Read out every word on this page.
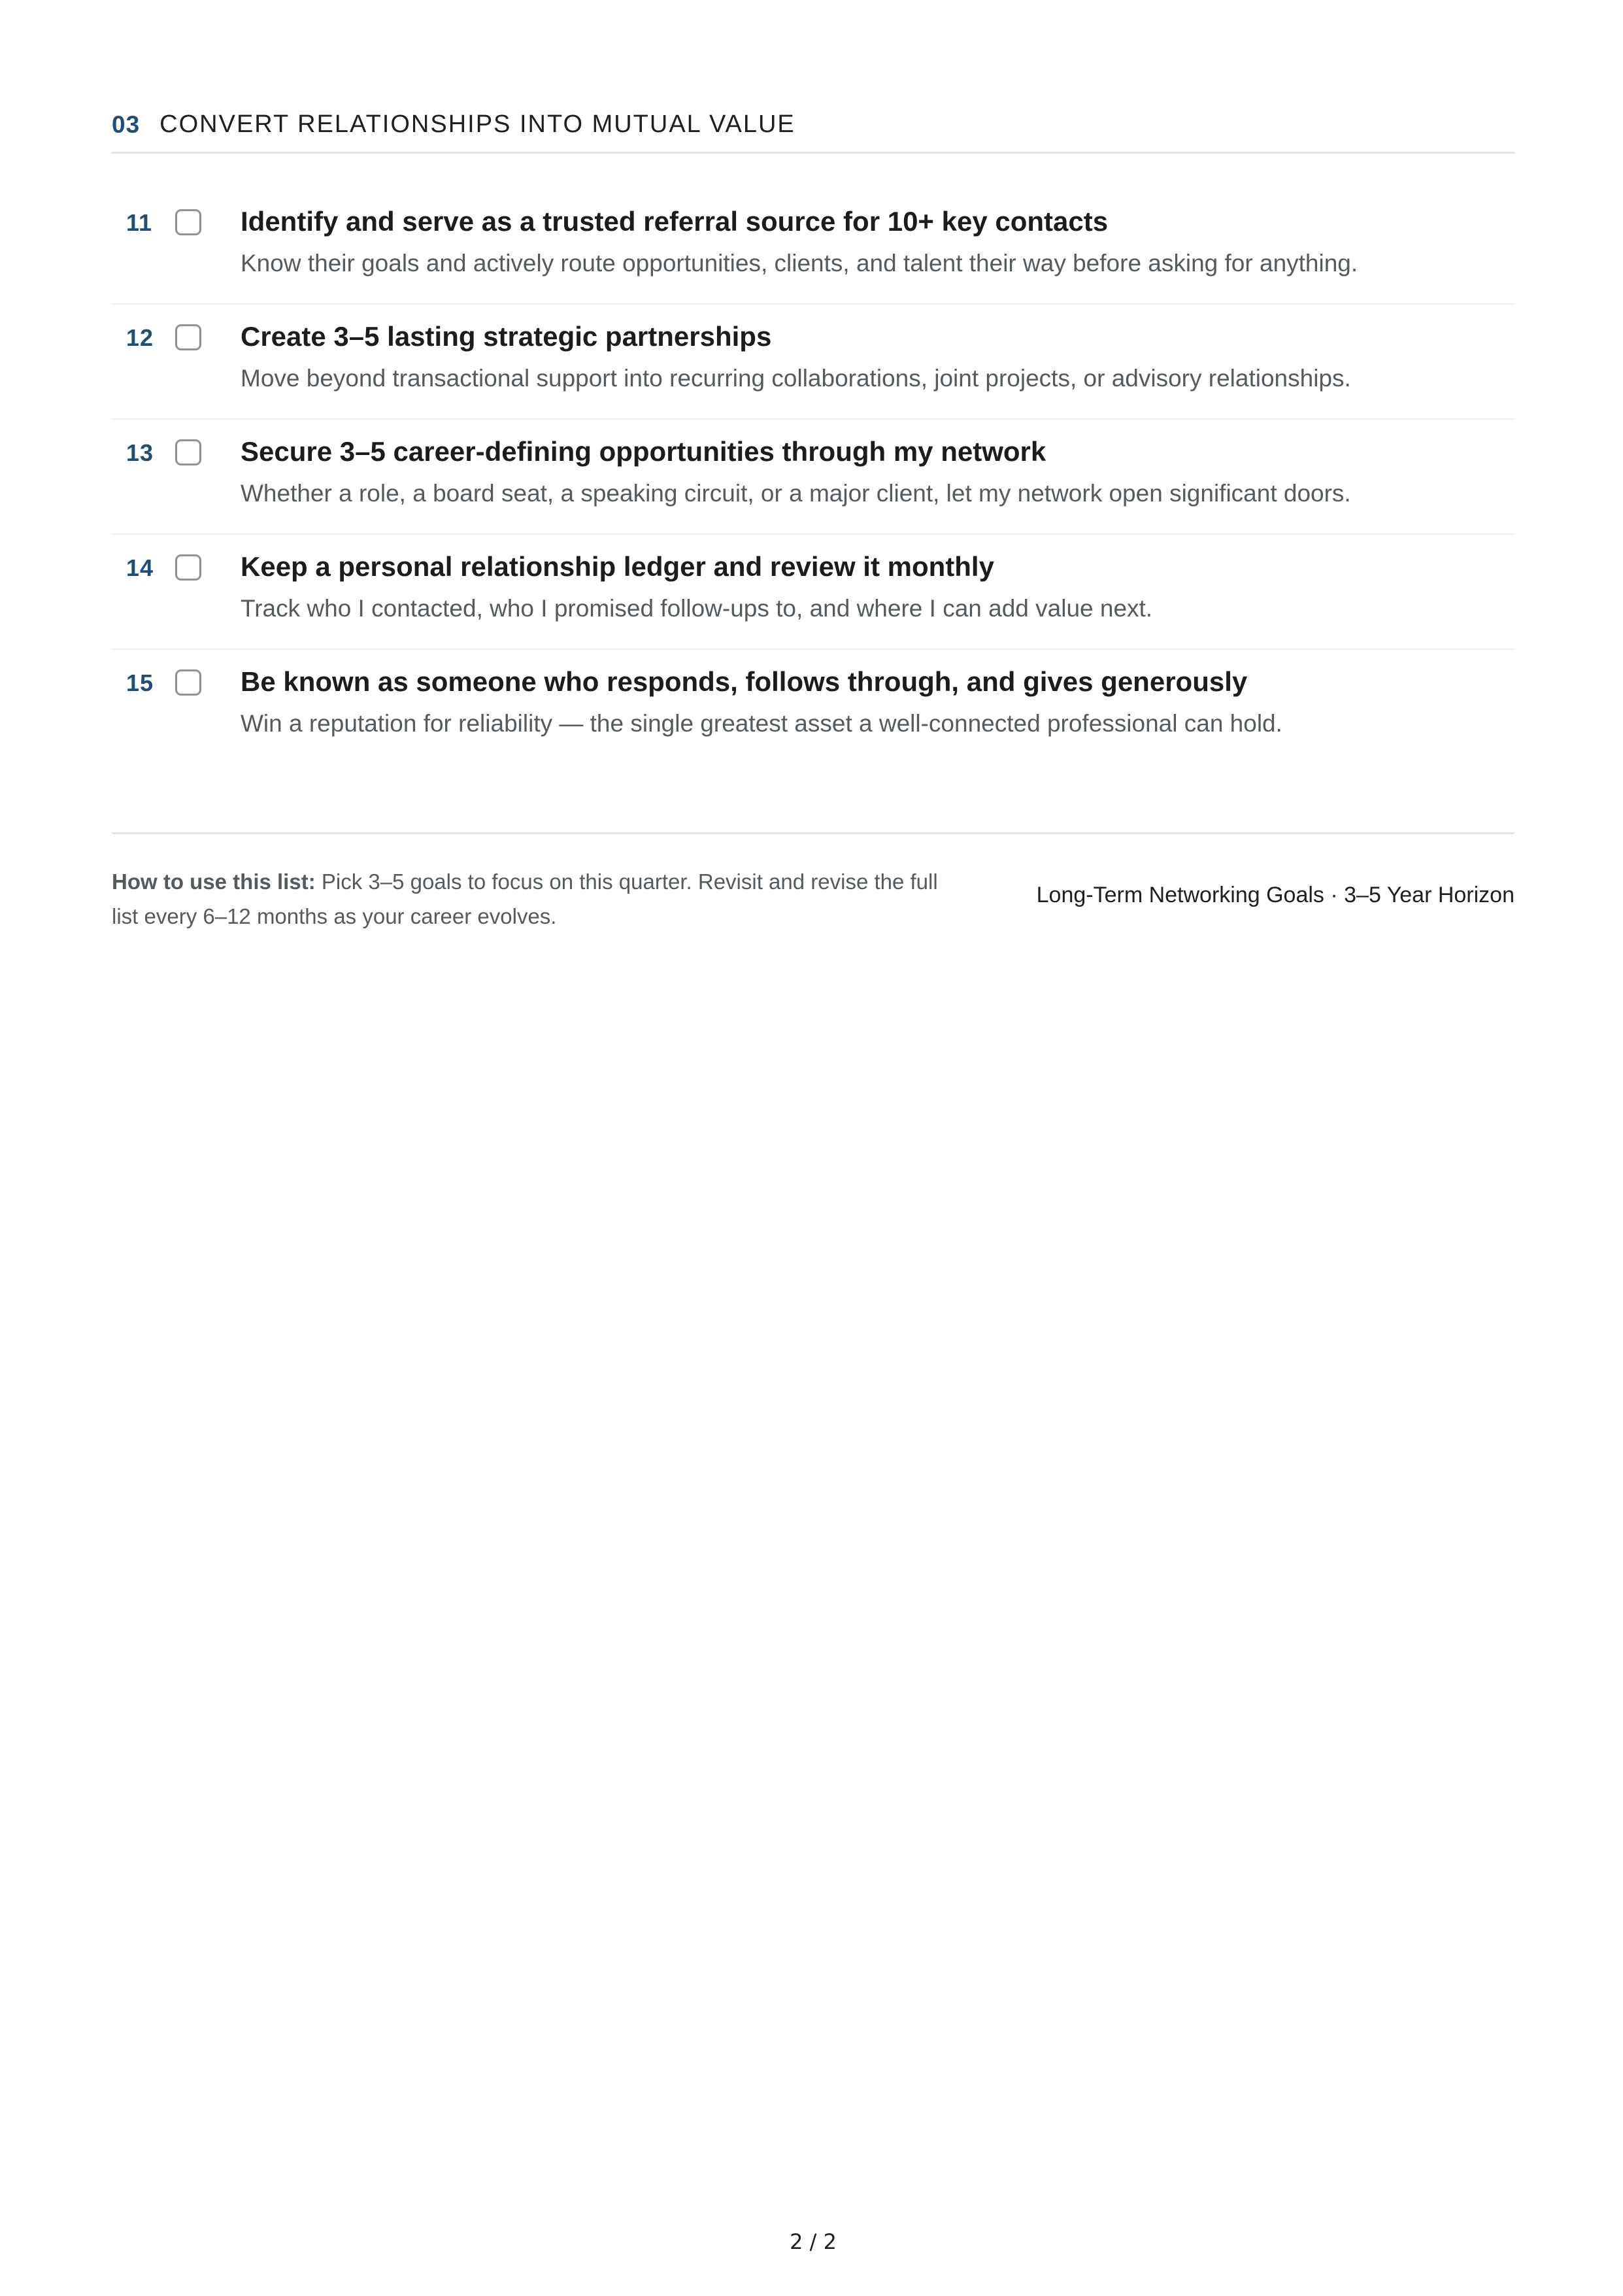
03 CONVERT RELATIONSHIPS INTO MUTUAL VALUE
11	Identify and serve as a trusted referral source for 10+ key contacts
Know their goals and actively route opportunities, clients, and talent their way before asking for anything.
12	Create 3–5 lasting strategic partnerships
Move beyond transactional support into recurring collaborations, joint projects, or advisory relationships.
13	Secure 3–5 career-defining opportunities through my network
Whether a role, a board seat, a speaking circuit, or a major client, let my network open significant doors.
14	Keep a personal relationship ledger and review it monthly
Track who I contacted, who I promised follow-ups to, and where I can add value next.
15	Be known as someone who responds, follows through, and gives generously
Win a reputation for reliability — the single greatest asset a well-connected professional can hold.
How to use this list: Pick 3–5 goals to focus on this quarter. Revisit and revise the full list every 6–12 months as your career evolves.
Long-Term Networking Goals · 3–5 Year Horizon
2 / 2
